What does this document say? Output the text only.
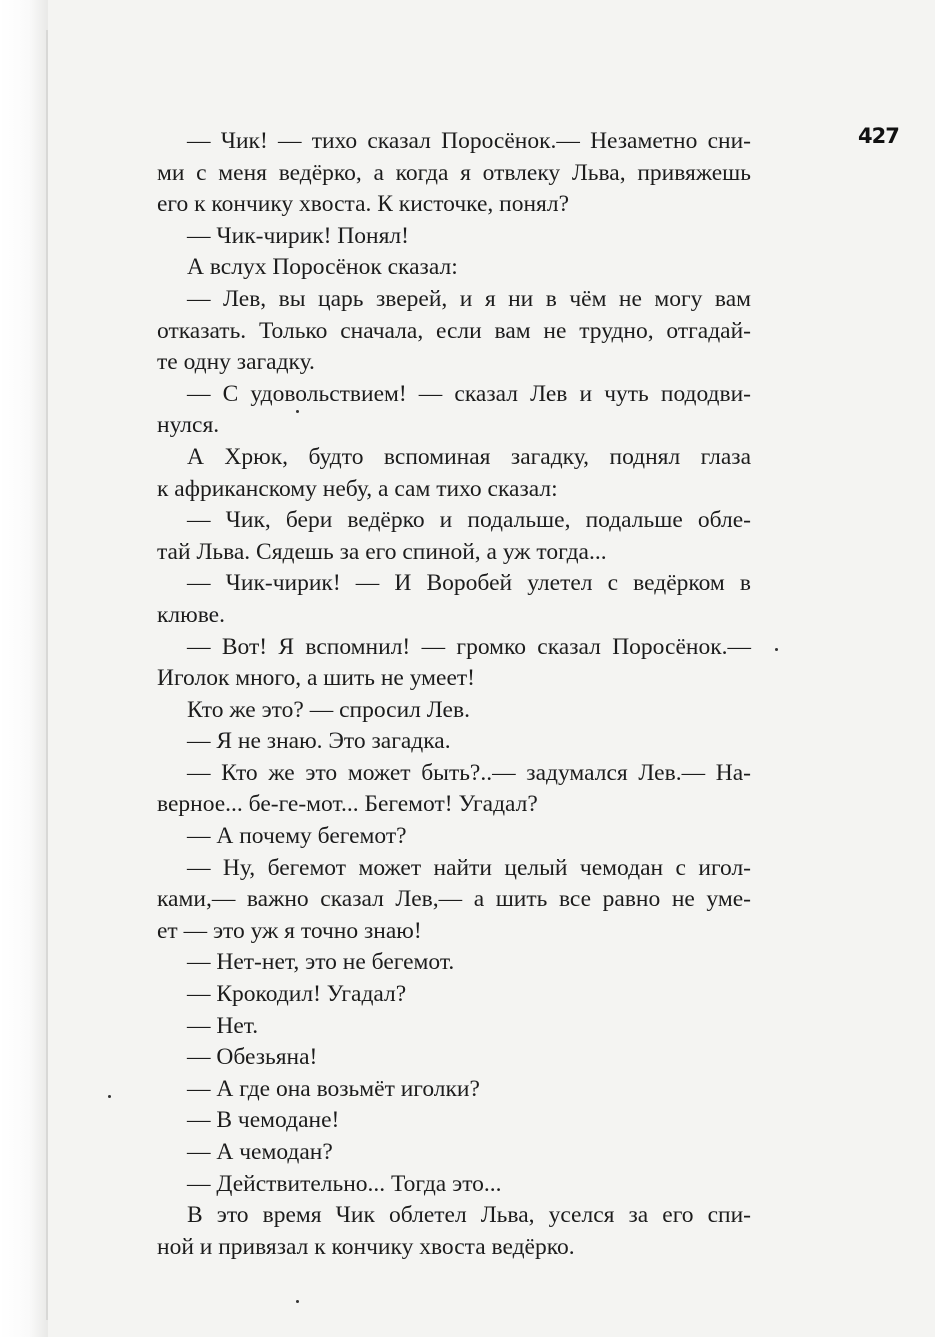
427
— Чик! — тихо сказал Поросёнок.— Незаметно сни-
ми с меня ведёрко, а когда я отвлеку Льва, привяжешь
его к кончику хвоста. К кисточке, понял?
— Чик-чирик! Понял!
А вслух Поросёнок сказал:
— Лев, вы царь зверей, и я ни в чём не могу вам
отказать. Только сначала, если вам не трудно, отгадай-
те одну загадку.
— С удовольствием! — сказал Лев и чуть пододви-
нулся.
А Хрюк, будто вспоминая загадку, поднял глаза
к африканскому небу, а сам тихо сказал:
— Чик, бери ведёрко и подальше, подальше обле-
тай Льва. Сядешь за его спиной, а уж тогда...
— Чик-чирик! — И Воробей улетел с ведёрком в
клюве.
— Вот! Я вспомнил! — громко сказал Поросёнок.—
Иголок много, а шить не умеет!
Кто же это? — спросил Лев.
— Я не знаю. Это загадка.
— Кто же это может быть?..— задумался Лев.— На-
верное... бе-ге-мот... Бегемот! Угадал?
— А почему бегемот?
— Ну, бегемот может найти целый чемодан с игол-
ками,— важно сказал Лев,— а шить все равно не уме-
ет — это уж я точно знаю!
— Нет-нет, это не бегемот.
— Крокодил! Угадал?
— Нет.
— Обезьяна!
— А где она возьмёт иголки?
— В чемодане!
— А чемодан?
— Действительно... Тогда это...
В это время Чик облетел Льва, уселся за его спи-
ной и привязал к кончику хвоста ведёрко.
